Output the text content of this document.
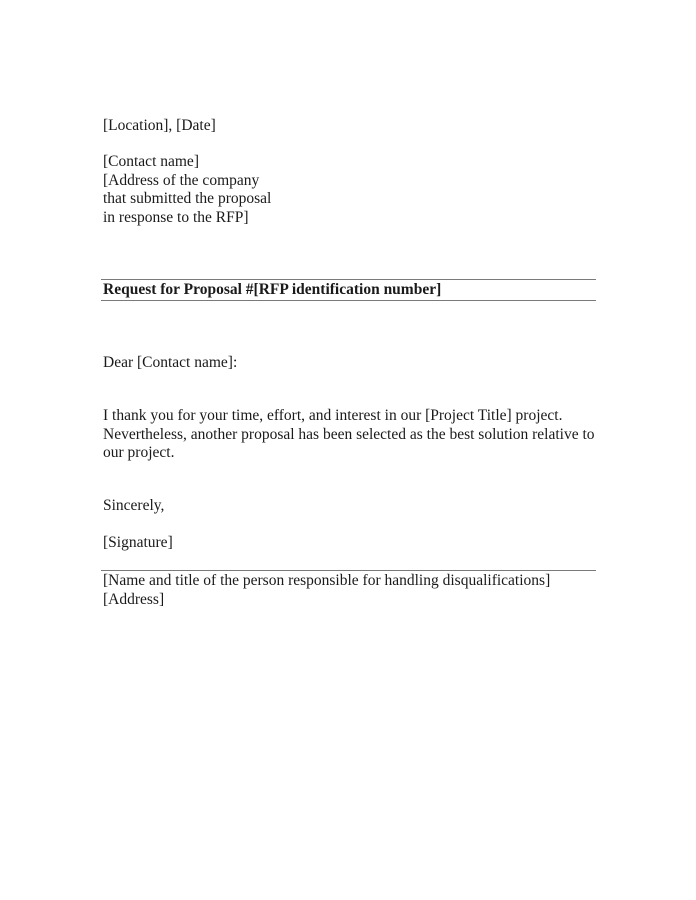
[Location], [Date]
[Contact name]
[Address of the company
that submitted the proposal
in response to the RFP]
Request for Proposal #[RFP identification number]
Dear [Contact name]:
I thank you for your time, effort, and interest in our [Project Title] project.
Nevertheless, another proposal has been selected as the best solution relative to
our project.
Sincerely,
[Signature]
[Name and title of the person responsible for handling disqualifications]
[Address]
